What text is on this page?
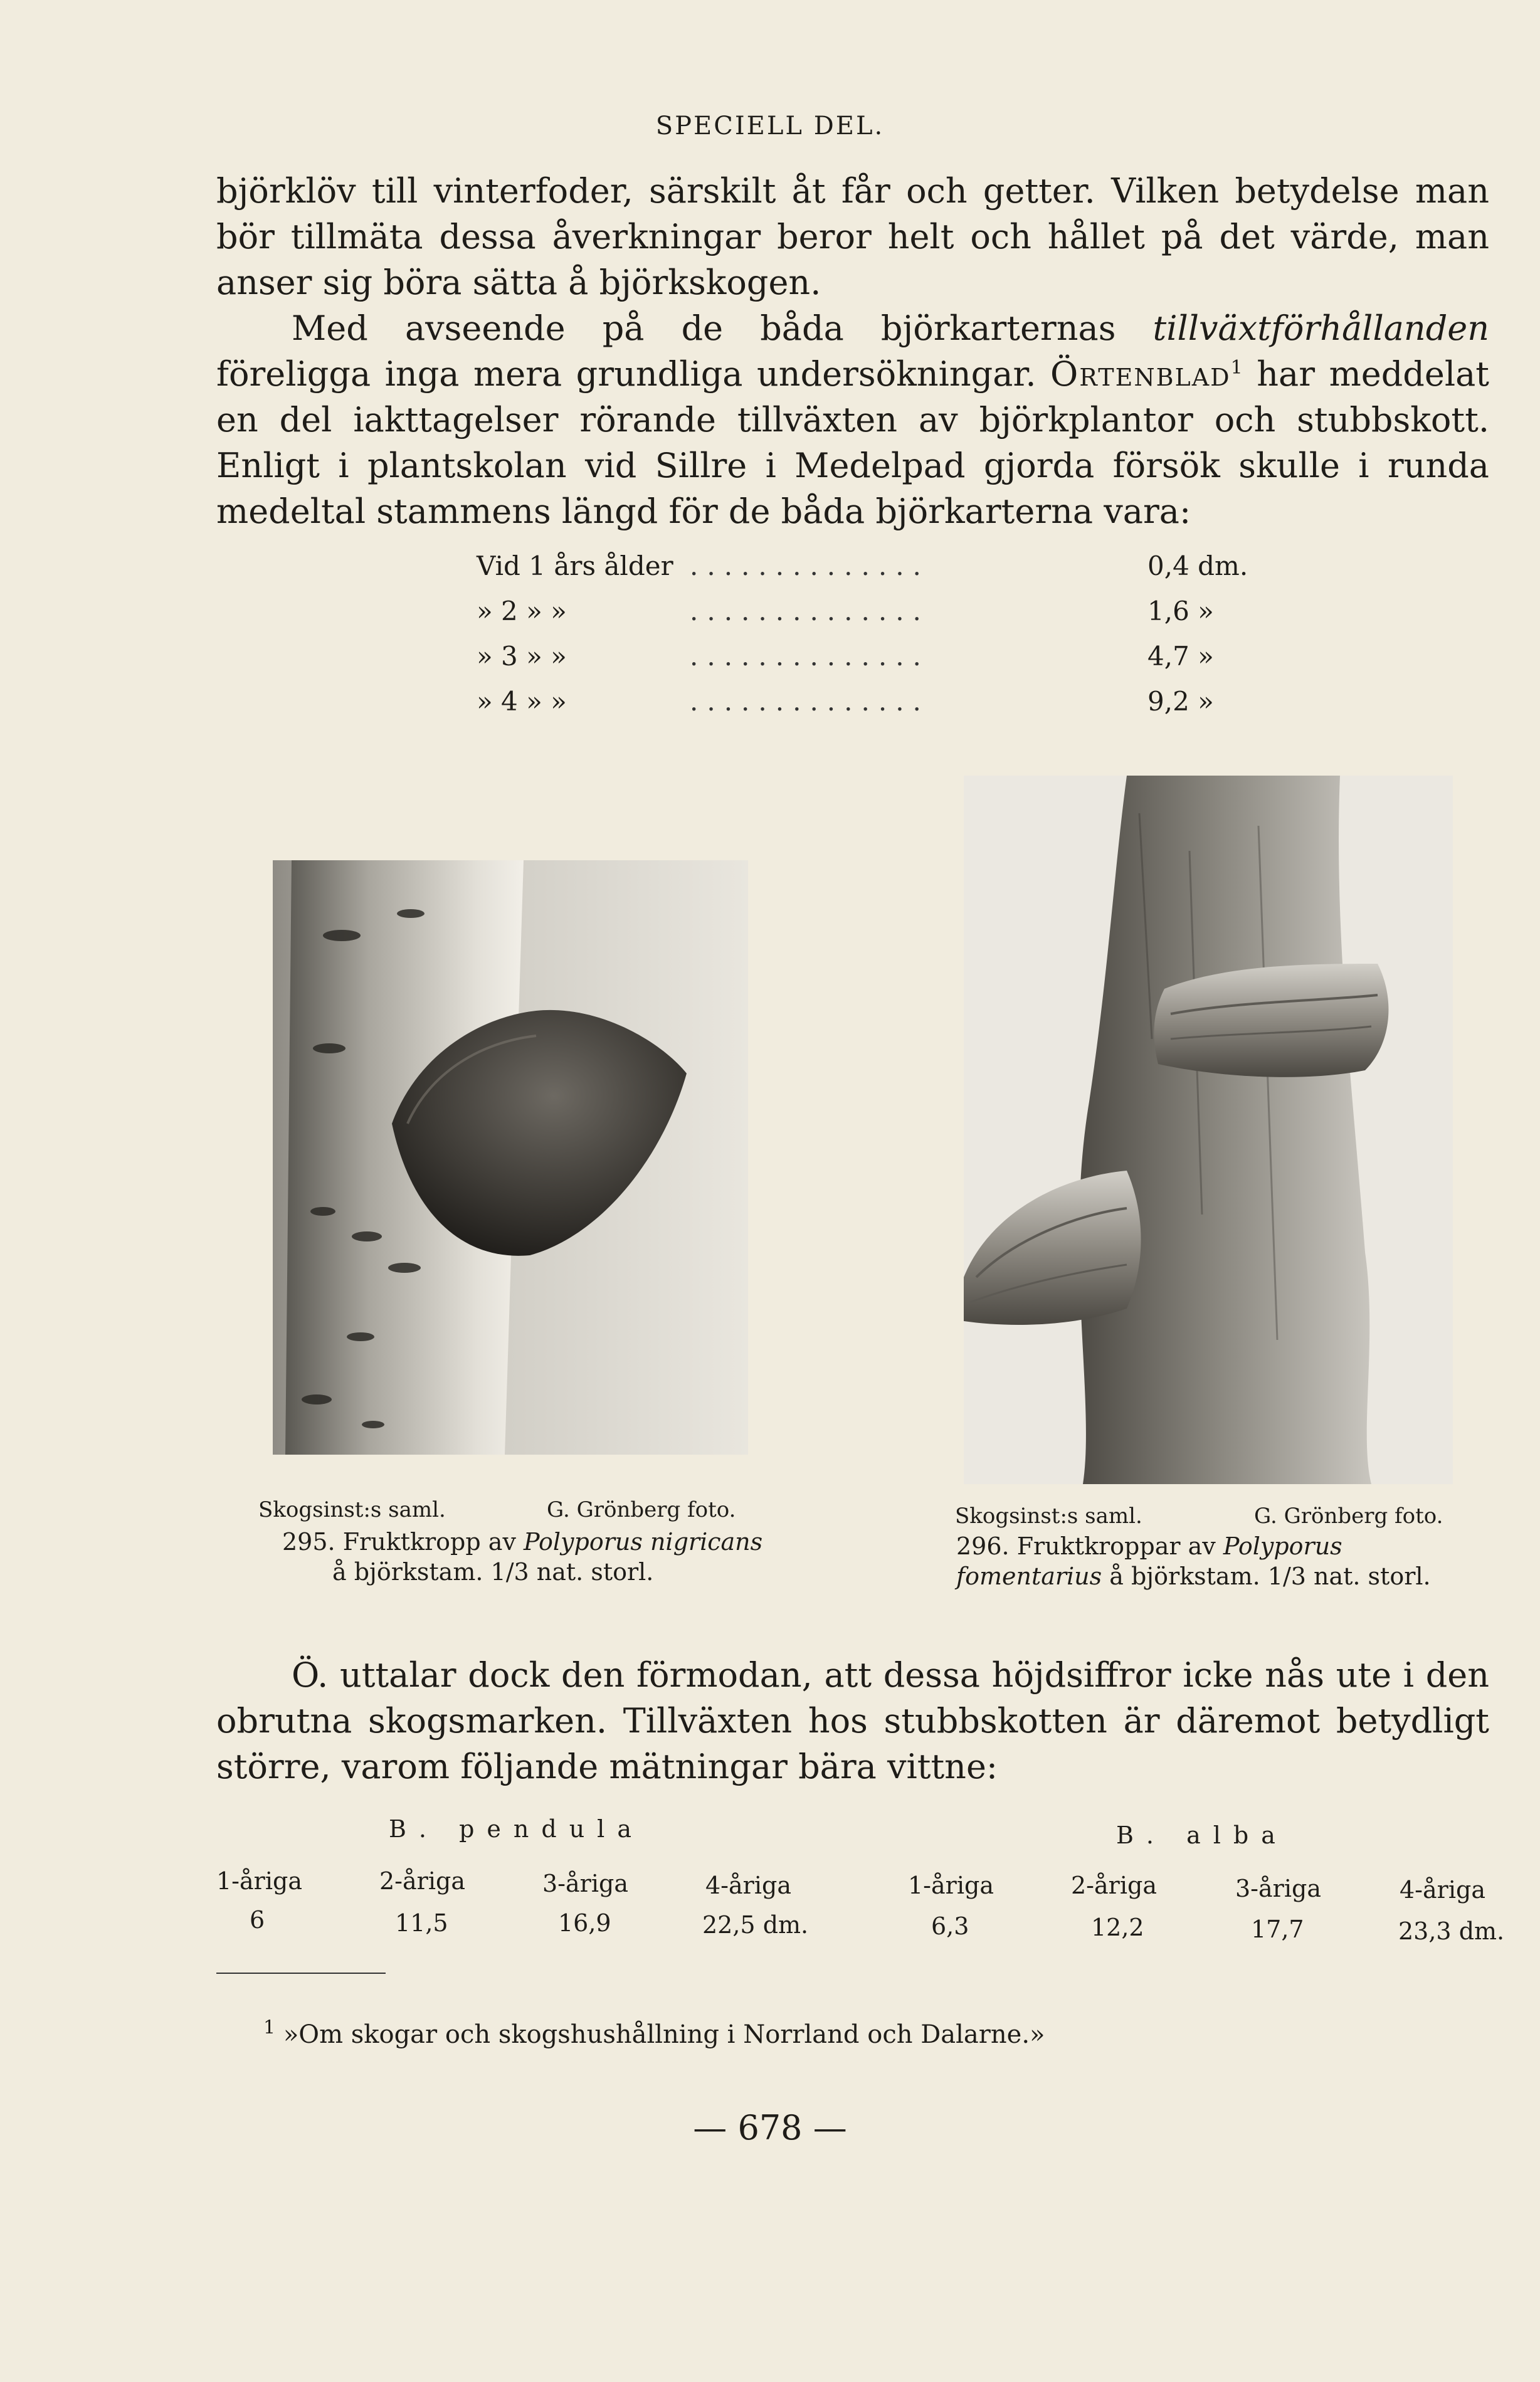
SPECIELL DEL.

björklöv till vinterfoder, särskilt åt får och getter. Vilken betydelse man bör tillmäta dessa åverkningar beror helt och hållet på det värde, man anser sig böra sätta å björkskogen.

Med avseende på de båda björkarternas tillväxtförhållanden föreligga inga mera grundliga undersökningar. Örtenblad$^1$ har meddelat en del iakttagelser rörande tillväxten av björkplantor och stubbskott. Enligt i plantskolan vid Sillre i Medelpad gjorda försök skulle i runda medeltal stammens längd för de båda björkarterna vara:

Vid 1 års ålder ..............	0,4 dm.
» 2 » »	..............	1,6 »
» 3 » »	..............	4,7 »
» 4 » »	..............	9,2 »
Skogsinst:s saml.	G. Grönberg foto.
295. Fruktkropp av Polyporus nigricans
å björkstam. 1/3 nat. storl.
Skogsinst:s saml.	G. Grönberg foto.
296. Fruktkroppar av Polyporus fomentarius å björkstam. 1/3 nat. storl.

Ö. uttalar dock den förmodan, att dessa höjdsiffror icke nås ute i den obrutna skogsmarken. Tillväxten hos stubbskotten är däremot betydligt större, varom följande mätningar bära vittne:

B. pendula	B. alba
1-åriga	2-åriga	3-åriga	4-åriga	1-åriga	2-åriga	3-åriga	4-åriga
6	11,5	16,9	22,5 dm.	6,3	12,2	17,7	23,3 dm.
$^1$ »Om skogar och skogshushållning i Norrland och Dalarne.»
— 678 —
